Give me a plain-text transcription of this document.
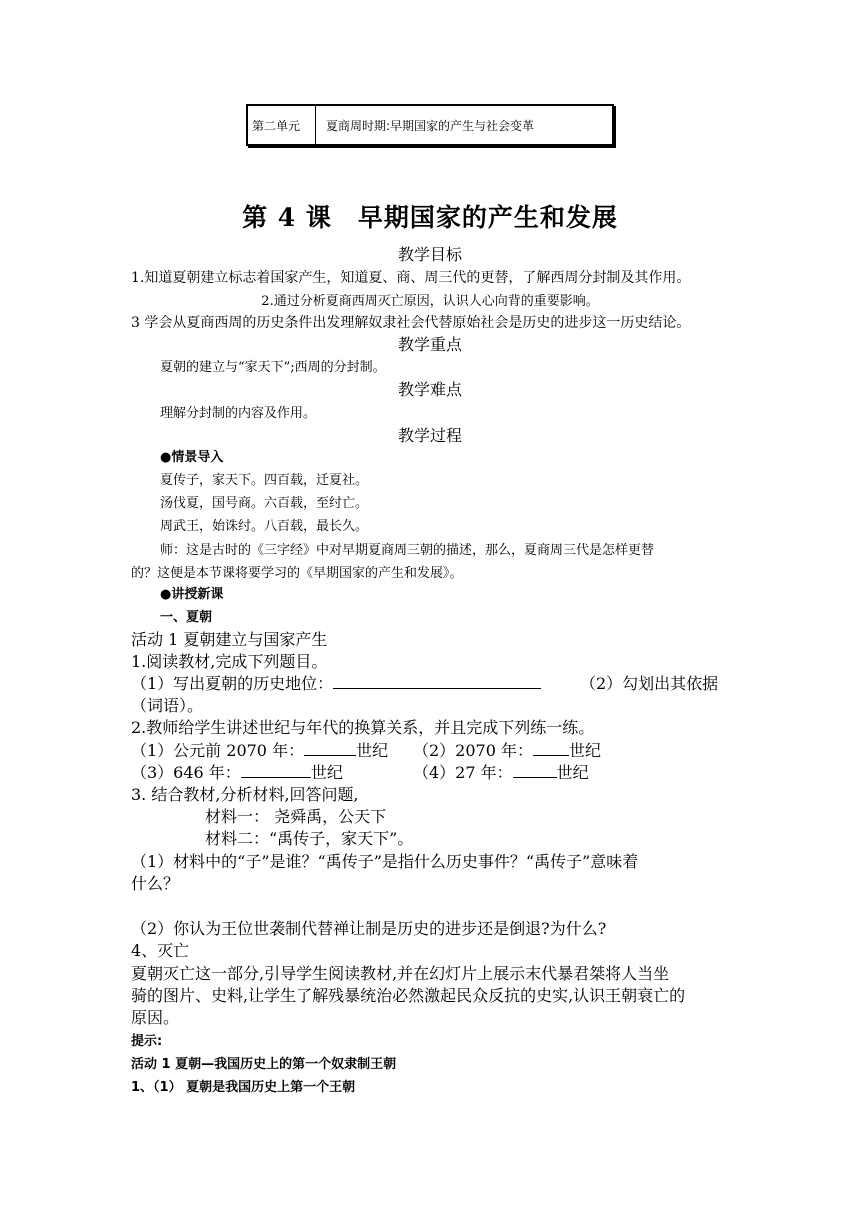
第二单元	夏商周时期:早期国家的产生与社会变革
第 4 课　早期国家的产生和发展
教学目标
1.知道夏朝建立标志着国家产生，知道夏、商、周三代的更替，了解西周分封制及其作用。
2.通过分析夏商西周灭亡原因，认识人心向背的重要影响。
3 学会从夏商西周的历史条件出发理解奴隶社会代替原始社会是历史的进步这一历史结论。
教学重点
夏朝的建立与“家天下”;西周的分封制。
教学难点
理解分封制的内容及作用。
教学过程
●情景导入
夏传子，家天下。四百载，迁夏社。
汤伐夏，国号商。六百载，至纣亡。
周武王，始诛纣。八百载，最长久。
师：这是古时的《三字经》中对早期夏商周三朝的描述，那么，夏商周三代是怎样更替
的？这便是本节课将要学习的《早期国家的产生和发展》。
●讲授新课
一、夏朝
活动 1 夏朝建立与国家产生
1.阅读教材,完成下列题目。
（1）写出夏朝的历史地位：	（2）勾划出其依据
（词语）。
2.教师给学生讲述世纪与年代的换算关系，并且完成下列练一练。
（1）公元前 2070 年：	世纪 （2）2070 年： 世纪
（3）646 年：	世纪	（4）27 年：	世纪
3. 结合教材,分析材料,回答问题,
材料一： 尧舜禹，公天下
材料二：“禹传子，家天下”。
（1）材料中的“子”是谁？“禹传子”是指什么历史事件？“禹传子”意味着
什么？
（2）你认为王位世袭制代替禅让制是历史的进步还是倒退?为什么?
4、灭亡
夏朝灭亡这一部分,引导学生阅读教材,并在幻灯片上展示末代暴君桀将人当坐
骑的图片、史料,让学生了解残暴统治必然激起民众反抗的史实,认识王朝衰亡的
原因。
提示:
活动 1 夏朝—我国历史上的第一个奴隶制王朝
1、（1） 夏朝是我国历史上第一个王朝
